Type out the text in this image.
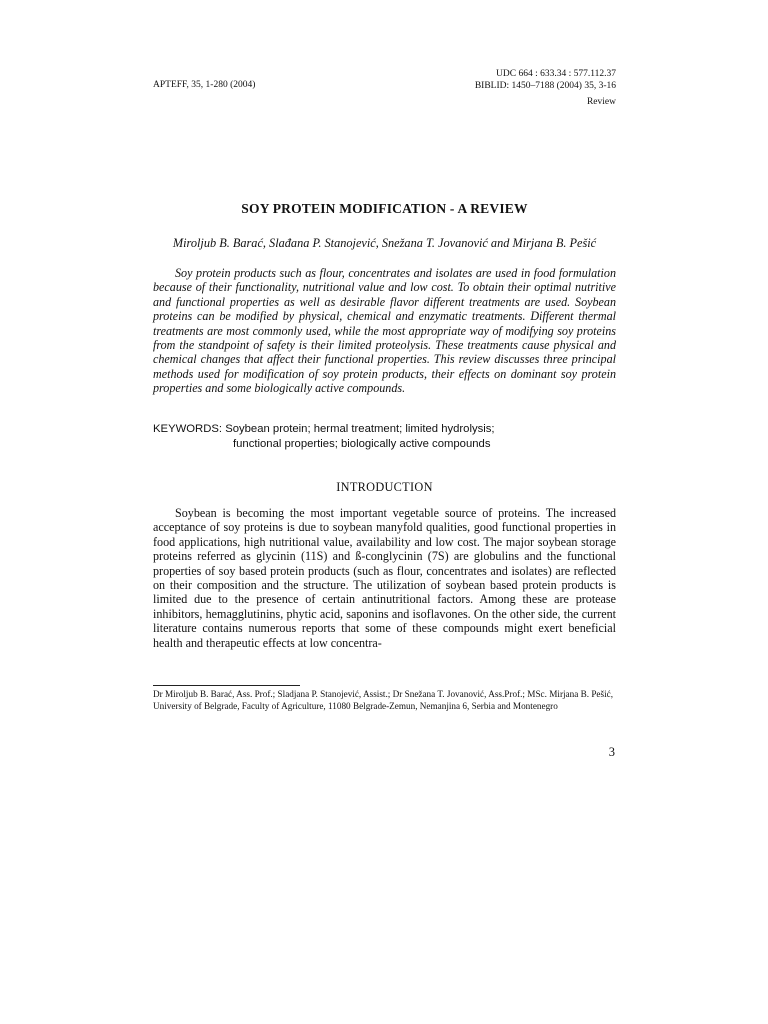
APTEFF, 35, 1-280 (2004)
UDC 664 : 633.34 : 577.112.37
BIBLID: 1450–7188 (2004) 35, 3-16
Review
SOY PROTEIN MODIFICATION - A REVIEW
Miroljub B. Barać, Slađana P. Stanojević, Snežana T. Jovanović and Mirjana B. Pešić

Soy protein products such as flour, concentrates and isolates are used in food formulation because of their functionality, nutritional value and low cost. To obtain their optimal nutritive and functional properties as well as desirable flavor different treatments are used. Soybean proteins can be modified by physical, chemical and enzymatic treatments. Different thermal treatments are most commonly used, while the most appropriate way of modifying soy proteins from the standpoint of safety is their limited proteolysis. These treatments cause physical and chemical changes that affect their functional properties. This review discusses three principal methods used for modification of soy protein products, their effects on dominant soy protein properties and some biologically active compounds.

KEYWORDS: Soybean protein; hermal treatment; limited hydrolysis;
functional properties; biologically active compounds
INTRODUCTION

Soybean is becoming the most important vegetable source of proteins. The increased acceptance of soy proteins is due to soybean manyfold qualities, good functional properties in food applications, high nutritional value, availability and low cost. The major soybean storage proteins referred as glycinin (11S) and ß-conglycinin (7S) are globulins and the functional properties of soy based protein products (such as flour, concentrates and isolates) are reflected on their composition and the structure. The utilization of soybean based protein products is limited due to the presence of certain antinutritional factors. Among these are protease inhibitors, hemagglutinins, phytic acid, saponins and isoflavones. On the other side, the current literature contains numerous reports that some of these compounds might exert beneficial health and therapeutic effects at low concentra-

Dr Miroljub B. Barać, Ass. Prof.; Sladjana P. Stanojević, Assist.; Dr Snežana T. Jovanović, Ass.Prof.; MSc. Mirjana B. Pešić, University of Belgrade, Faculty of Agriculture, 11080 Belgrade-Zemun, Nemanjina 6, Serbia and Montenegro

3
